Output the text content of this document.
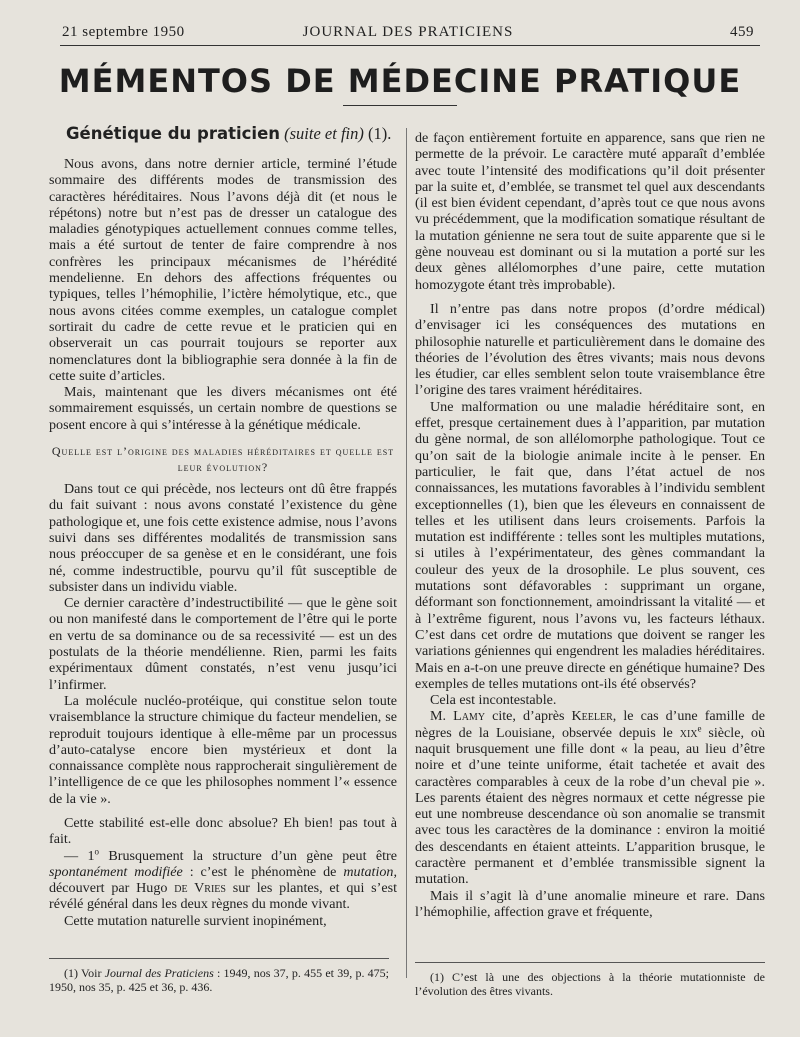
21 septembre 1950	JOURNAL DES PRATICIENS	459
MÉMENTOS DE MÉDECINE PRATIQUE
Génétique du praticien (suite et fin) (1).

Nous avons, dans notre dernier article, terminé l’étude sommaire des différents modes de transmission des caractères héréditaires. Nous l’avons déjà dit (et nous le répétons) notre but n’est pas de dresser un catalogue des maladies génotypiques actuellement connues comme telles, mais a été surtout de tenter de faire comprendre à nos confrères les principaux mécanismes de l’hérédité mendelienne. En dehors des affections fréquentes ou typiques, telles l’hémophilie, l’ictère hémolytique, etc., que nous avons citées comme exemples, un catalogue complet sortirait du cadre de cette revue et le praticien qui en observerait un cas pourrait toujours se reporter aux nomenclatures dont la bibliographie sera donnée à la fin de cette suite d’articles.

Mais, maintenant que les divers mécanismes ont été sommairement esquissés, un certain nombre de questions se posent encore à qui s’intéresse à la génétique médicale.

Quelle est l’origine des maladies héréditaires et quelle est leur évolution?

Dans tout ce qui précède, nos lecteurs ont dû être frappés du fait suivant : nous avons constaté l’existence du gène pathologique et, une fois cette existence admise, nous l’avons suivi dans ses différentes modalités de transmission sans nous préoccuper de sa genèse et en le considérant, une fois né, comme indestructible, pourvu qu’il fût susceptible de subsister dans un individu viable.

Ce dernier caractère d’indestructibilité — que le gène soit ou non manifesté dans le comportement de l’être qui le porte en vertu de sa dominance ou de sa recessivité — est un des postulats de la théorie mendélienne. Rien, parmi les faits expérimentaux dûment constatés, n’est venu jusqu’ici l’infirmer.

La molécule nucléo-protéique, qui constitue selon toute vraisemblance la structure chimique du facteur mendelien, se reproduit toujours identique à elle-même par un processus d’auto-catalyse encore bien mystérieux et dont la connaissance complète nous rapprocherait singulièrement de l’intelligence de ce que les philosophes nomment l’« essence de la vie ».

Cette stabilité est-elle donc absolue? Eh bien! pas tout à fait.

— 1$^o$ Brusquement la structure d’un gène peut être spontanément modifiée : c’est le phénomène de mutation, découvert par Hugo de Vries sur les plantes, et qui s’est révélé général dans les deux règnes du monde vivant.

Cette mutation naturelle survient inopinément,

de façon entièrement fortuite en apparence, sans que rien ne permette de la prévoir. Le caractère muté apparaît d’emblée avec toute l’intensité des modifications qu’il doit présenter par la suite et, d’emblée, se transmet tel quel aux descendants (il est bien évident cependant, d’après tout ce que nous avons vu précédemment, que la modification somatique résultant de la mutation génienne ne sera tout de suite apparente que si le gène nouveau est dominant ou si la mutation a porté sur les deux gènes allélomorphes d’une paire, cette mutation homozygote étant très improbable).

Il n’entre pas dans notre propos (d’ordre médical) d’envisager ici les conséquences des mutations en philosophie naturelle et particulièrement dans le domaine des théories de l’évolution des êtres vivants; mais nous devons les étudier, car elles semblent selon toute vraisemblance être l’origine des tares vraiment héréditaires.

Une malformation ou une maladie héréditaire sont, en effet, presque certainement dues à l’apparition, par mutation du gène normal, de son allélomorphe pathologique. Tout ce qu’on sait de la biologie animale incite à le penser. En particulier, le fait que, dans l’état actuel de nos connaissances, les mutations favorables à l’individu semblent exceptionnelles (1), bien que les éleveurs en connaissent de telles et les utilisent dans leurs croisements. Parfois la mutation est indifférente : telles sont les multiples mutations, si utiles à l’expérimentateur, des gènes commandant la couleur des yeux de la drosophile. Le plus souvent, ces mutations sont défavorables : supprimant un organe, déformant son fonctionnement, amoindrissant la vitalité — et à l’extrême figurent, nous l’avons vu, les facteurs léthaux. C’est dans cet ordre de mutations que doivent se ranger les variations géniennes qui engendrent les maladies héréditaires. Mais en a-t-on une preuve directe en génétique humaine? Des exemples de telles mutations ont-ils été observés?

Cela est incontestable.

M. Lamy cite, d’après Keeler, le cas d’une famille de nègres de la Louisiane, observée depuis le xix$^e$ siècle, où naquit brusquement une fille dont « la peau, au lieu d’être noire et d’une teinte uniforme, était tachetée et avait des caractères comparables à ceux de la robe d’un cheval pie ». Les parents étaient des nègres normaux et cette négresse pie eut une nombreuse descendance où son anomalie se transmit avec tous les caractères de la dominance : environ la moitié des descendants en étaient atteints. L’apparition brusque, le caractère permanent et d’emblée transmissible signent la mutation.

Mais il s’agit là d’une anomalie mineure et rare. Dans l’hémophilie, affection grave et fréquente,

(1) Voir Journal des Praticiens : 1949, nos 37, p. 455 et 39, p. 475; 1950, nos 35, p. 425 et 36, p. 436.
(1) C’est là une des objections à la théorie mutationniste de l’évolution des êtres vivants.
